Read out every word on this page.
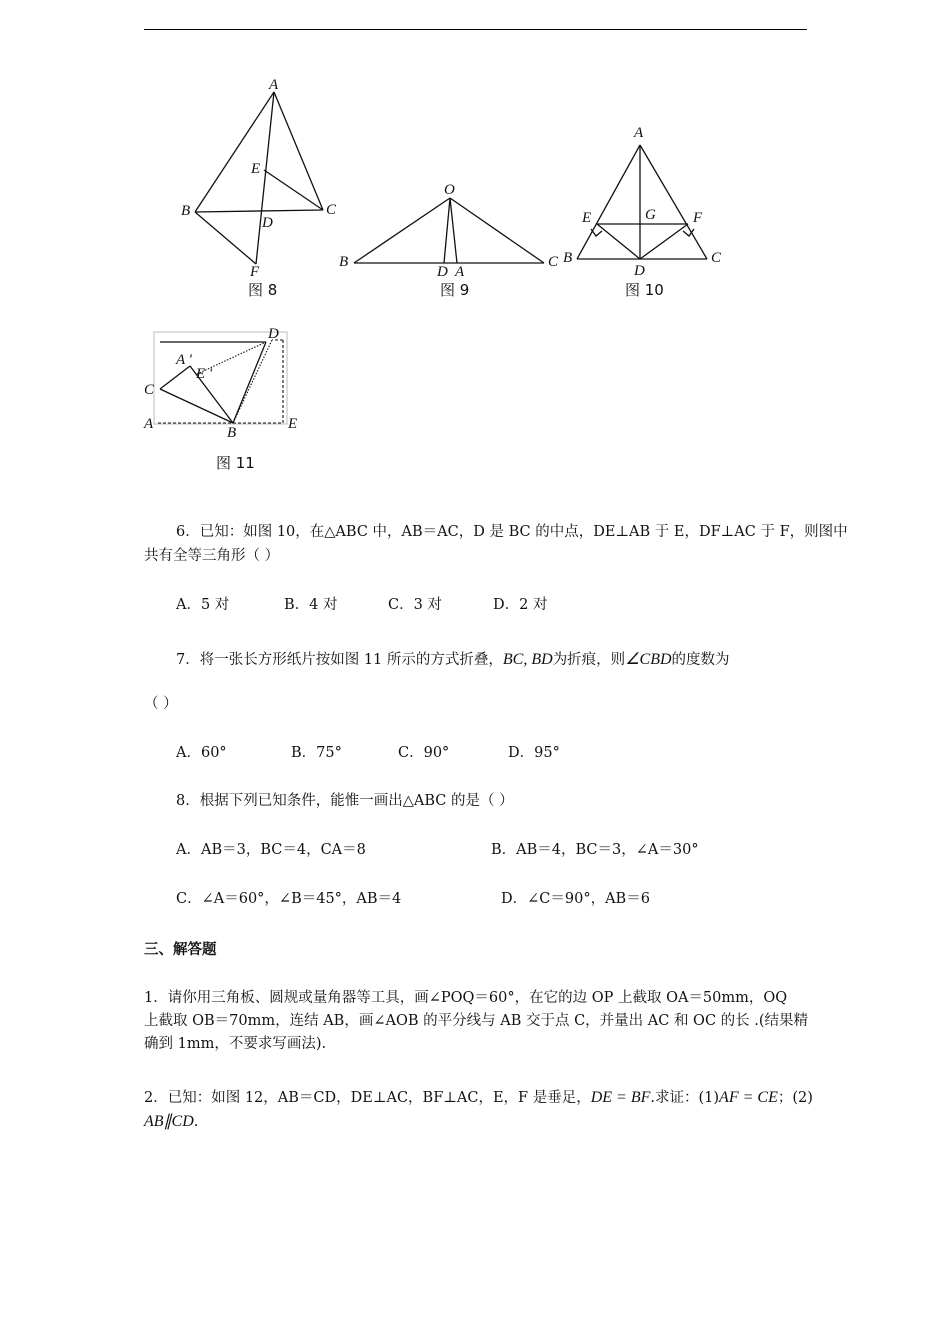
A
B	C
D
E
F
图 8
O
B	C
D A
图 9
A
B	C
D
E	F
G
图 10
D
A '
E '
C
A
B
E
图 11
6．已知：如图 10，在△ABC 中，AB＝AC，D 是 BC 的中点，DE⊥AB 于 E，DF⊥AC 于 F，则图中
共有全等三角形（ ）
A．5 对	B．4 对	C．3 对	D．2 对
7．将一张长方形纸片按如图 11 所示的方式折叠，BC, BD为折痕，则∠CBD的度数为
（ ）
A．60°	B．75°	C．90°	D．95°
8．根据下列已知条件，能惟一画出△ABC 的是（ ）
A．AB＝3，BC＝4，CA＝8	B．AB＝4，BC＝3，∠A＝30°
C．∠A＝60°，∠B＝45°，AB＝4	D．∠C＝90°，AB＝6
三、解答题
1．请你用三角板、圆规或量角器等工具，画∠POQ＝60°，在它的边 OP 上截取 OA＝50mm，OQ
上截取 OB＝70mm，连结 AB，画∠AOB 的平分线与 AB 交于点 C，并量出 AC 和 OC 的长 .(结果精
确到 1mm，不要求写画法).
2．已知：如图 12，AB＝CD，DE⊥AC，BF⊥AC，E，F 是垂足，DE = BF.求证：(1)AF = CE；(2)
AB∥CD.
